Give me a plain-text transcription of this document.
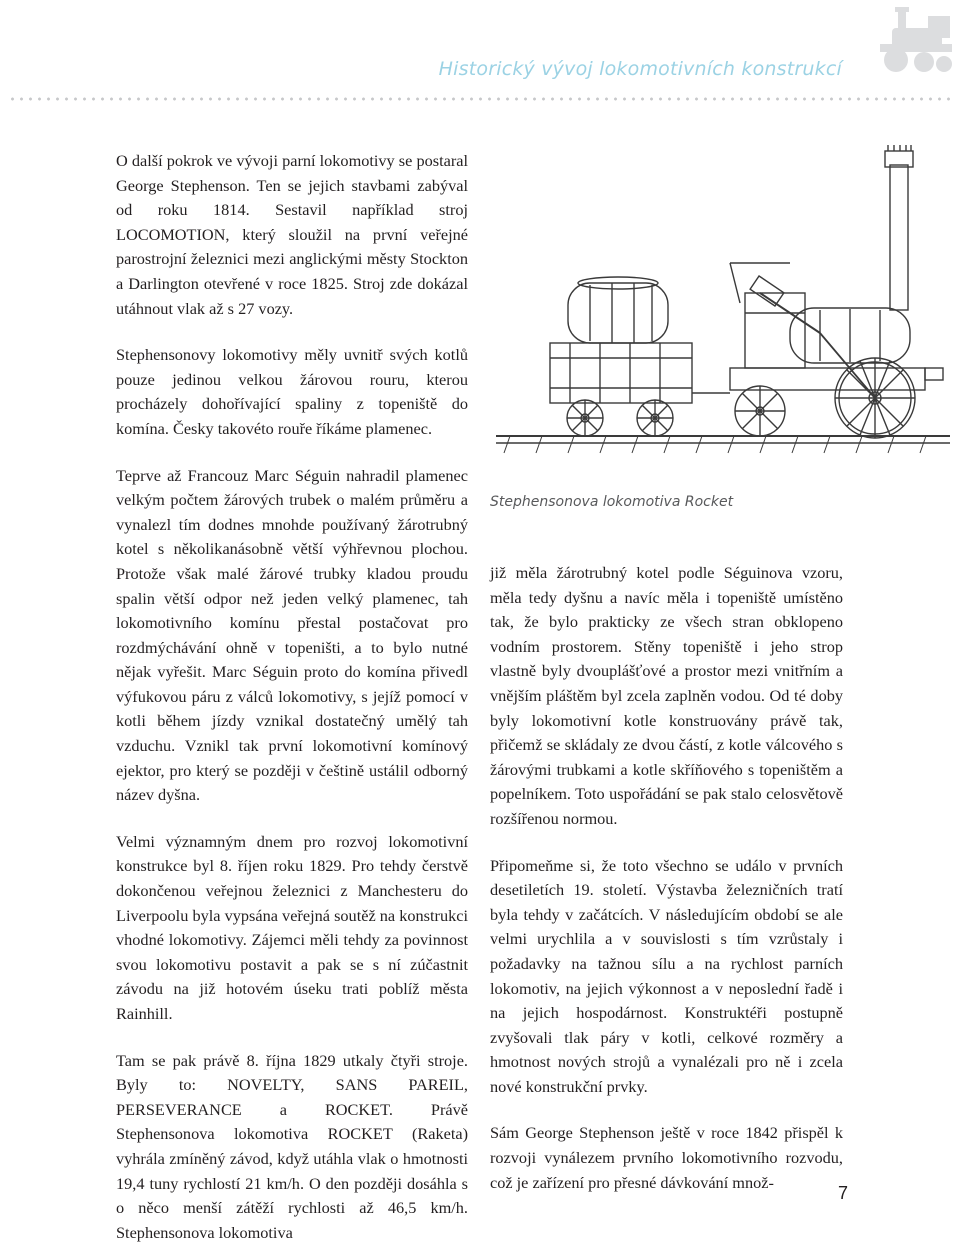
Historický vývoj lokomotivních konstrukcí

O další pokrok ve vývoji parní lokomotivy se postaral George Stephenson. Ten se jejich stavbami zabýval od roku 1814. Sestavil například stroj LOCOMOTION, který sloužil na první veřejné parostrojní železnici mezi anglickými městy Stockton a Darlington otevřené v roce 1825. Stroj zde dokázal utáhnout vlak až s 27 vozy.

Stephensonovy lokomotivy měly uvnitř svých kotlů pouze jedinou velkou žárovou rouru, kterou procházely dohořívající spaliny z topeniště do komína. Česky takovéto rouře říkáme plamenec.

Teprve až Francouz Marc Séguin nahradil plamenec velkým počtem žárových trubek o malém průměru a vynalezl tím dodnes mnohde používaný žárotrubný kotel s několikanásobně větší výhřevnou plochou. Protože však malé žárové trubky kladou proudu spalin větší odpor než jeden velký plamenec, tah lokomotivního komínu přestal postačovat pro rozdmýchávání ohně v topeništi, a to bylo nutné nějak vyřešit. Marc Séguin proto do komína přivedl výfukovou páru z válců lokomotivy, s jejíž pomocí v kotli během jízdy vznikal dostatečný umělý tah vzduchu. Vznikl tak první lokomotivní komínový ejektor, pro který se později v češtině ustálil odborný název dyšna.

Velmi významným dnem pro rozvoj lokomotivní konstrukce byl 8. říjen roku 1829. Pro tehdy čerstvě dokončenou veřejnou železnici z Manchesteru do Liverpoolu byla vypsána veřejná soutěž na konstrukci vhodné lokomotivy. Zájemci měli tehdy za povinnost svou lokomotivu postavit a pak se s ní zúčastnit závodu na již hotovém úseku trati poblíž města Rainhill.

Tam se pak právě 8. října 1829 utkaly čtyři stroje. Byly to: NOVELTY, SANS PAREIL, PERSEVERANCE a ROCKET. Právě Stephensonova lokomotiva ROCKET (Raketa) vyhrála zmíněný závod, když utáhla vlak o hmotnosti 19,4 tuny rychlostí 21 km/h. O den později dosáhla s o něco menší zátěží rychlosti až 46,5 km/h. Stephensonova lokomotiva

Stephensonova lokomotiva Rocket

již měla žárotrubný kotel podle Séguinova vzoru, měla tedy dyšnu a navíc měla i topeniště umístěno tak, že bylo prakticky ze všech stran obklopeno vodním prostorem. Stěny topeniště i jeho strop vlastně byly dvouplášťové a prostor mezi vnitřním a vnějším pláštěm byl zcela zaplněn vodou. Od té doby byly lokomotivní kotle konstruovány právě tak, přičemž se skládaly ze dvou částí, z kotle válcového s žárovými trubkami a kotle skříňového s topeništěm a popelníkem. Toto uspořádání se pak stalo celosvětově rozšířenou normou.

Připomeňme si, že toto všechno se událo v prvních desetiletích 19. století. Výstavba železničních tratí byla tehdy v začátcích. V následujícím období se ale velmi urychlila a v souvislosti s tím vzrůstaly i požadavky na tažnou sílu a na rychlost parních lokomotiv, na jejich výkonnost a v neposlední řadě i na jejich hospodárnost. Konstruktéři postupně zvyšovali tlak páry v kotli, celkové rozměry a hmotnost nových strojů a vynalézali pro ně i zcela nové konstrukční prvky.

Sám George Stephenson ještě v roce 1842 přispěl k rozvoji vynálezem prvního lokomotivního rozvodu, což je zařízení pro přesné dávkování množ-

7
